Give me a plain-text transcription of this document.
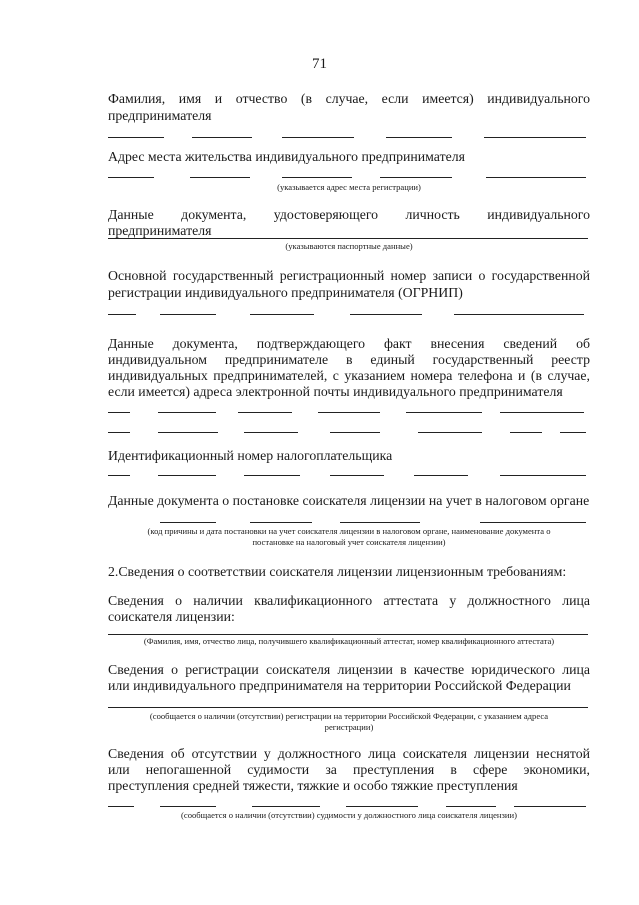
71
Фамилия, имя и отчество (в случае, если имеется) индивидуального
предпринимателя
Адрес места жительства индивидуального предпринимателя
(указывается адрес места регистрации)
Данные документа, удостоверяющего личность индивидуального
предпринимателя
(указываются паспортные данные)
Основной государственный регистрационный номер записи о государственной
регистрации индивидуального предпринимателя (ОГРНИП)
Данные документа, подтверждающего факт внесения сведений об
индивидуальном предпринимателе в единый государственный реестр
индивидуальных предпринимателей, с указанием номера телефона и (в случае,
если имеется) адреса электронной почты индивидуального предпринимателя
Идентификационный номер налогоплательщика
Данные документа о постановке соискателя лицензии на учет в налоговом органе
(код причины и дата постановки на учет соискателя лицензии в налоговом органе, наименование документа о
постановке на налоговый учет соискателя лицензии)
2.Сведения о соответствии соискателя лицензии лицензионным требованиям:
Сведения о наличии квалификационного аттестата у должностного лица
соискателя лицензии:
(Фамилия, имя, отчество лица, получившего квалификационный аттестат, номер квалификационного аттестата)
Сведения о регистрации соискателя лицензии в качестве юридического лица
или индивидуального предпринимателя на территории Российской Федерации
(сообщается о наличии (отсутствии) регистрации на территории Российской Федерации, с указанием адреса
регистрации)
Сведения об отсутствии у должностного лица соискателя лицензии неснятой
или непогашенной судимости за преступления в сфере экономики,
преступления средней тяжести, тяжкие и особо тяжкие преступления
(сообщается о наличии (отсутствии) судимости у должностного лица соискателя лицензии)
